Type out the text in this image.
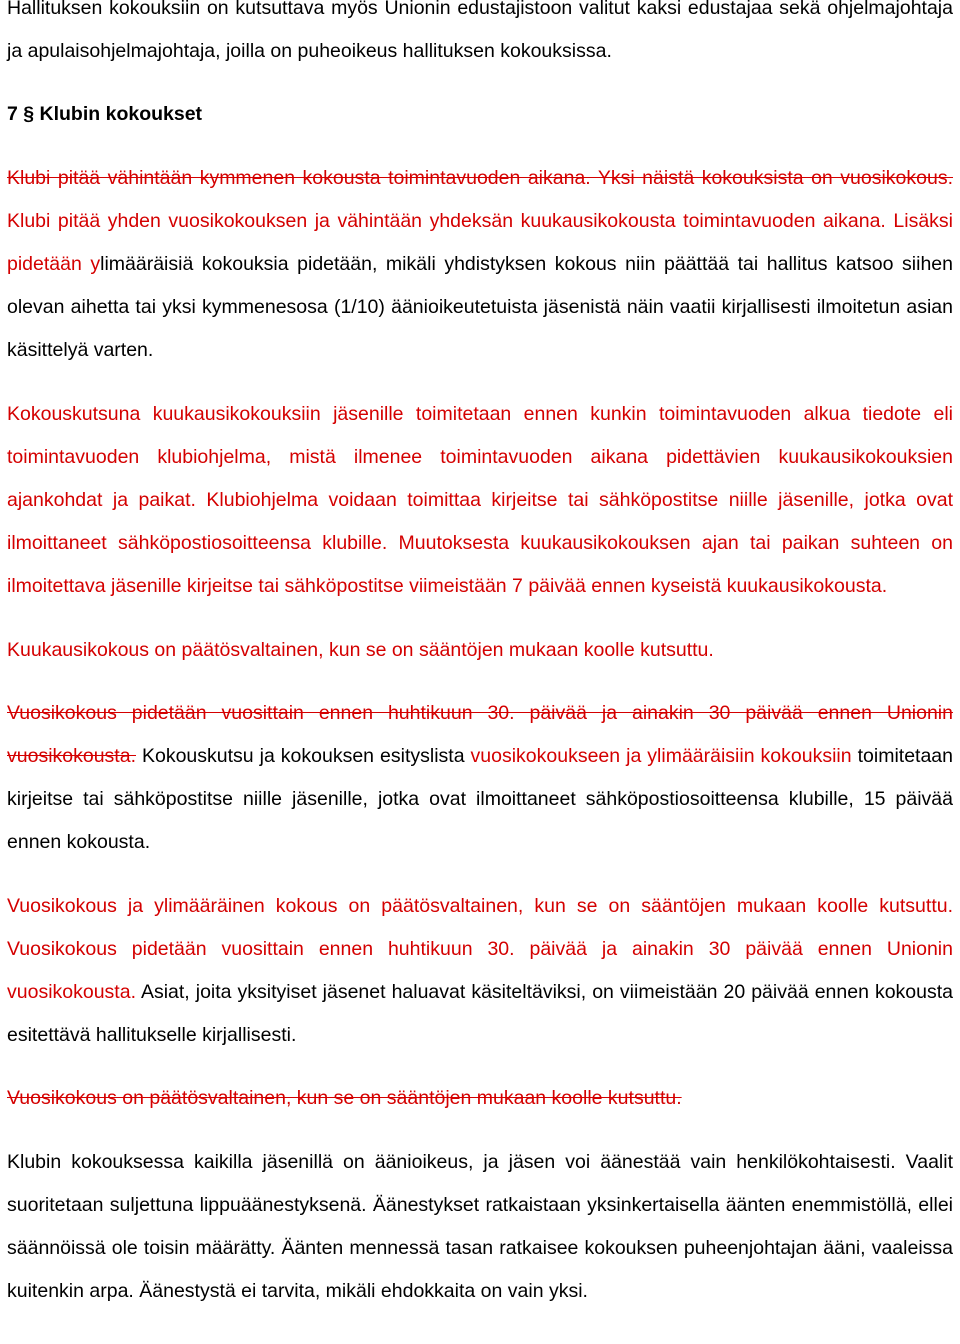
Hallituksen kokouksiin on kutsuttava myös Unionin edustajistoon valitut kaksi edustajaa sekä ohjelmajohtaja ja apulaisohjelmajohtaja, joilla on puheoikeus hallituksen kokouksissa.

7 § Klubin kokoukset

Klubi pitää vähintään kymmenen kokousta toimintavuoden aikana. Yksi näistä kokouksista on vuosikokous. Klubi pitää yhden vuosikokouksen ja vähintään yhdeksän kuukausikokousta toimintavuoden aikana. Lisäksi pidetään ylimääräisiä kokouksia pidetään, mikäli yhdistyksen kokous niin päättää tai hallitus katsoo siihen olevan aihetta tai yksi kymmenesosa (1/10) äänioikeutetuista jäsenistä näin vaatii kirjallisesti ilmoitetun asian käsittelyä varten.

Kokouskutsuna kuukausikokouksiin jäsenille toimitetaan ennen kunkin toimintavuoden alkua tiedote eli toimintavuoden klubiohjelma, mistä ilmenee toimintavuoden aikana pidettävien kuukausikokouksien ajankohdat ja paikat. Klubiohjelma voidaan toimittaa kirjeitse tai sähköpostitse niille jäsenille, jotka ovat ilmoittaneet sähköpostiosoitteensa klubille. Muutoksesta kuukausikokouksen ajan tai paikan suhteen on ilmoitettava jäsenille kirjeitse tai sähköpostitse viimeistään 7 päivää ennen kyseistä kuukausikokousta.

Kuukausikokous on päätösvaltainen, kun se on sääntöjen mukaan koolle kutsuttu.

Vuosikokous pidetään vuosittain ennen huhtikuun 30. päivää ja ainakin 30 päivää ennen Unionin vuosikokousta. Kokouskutsu ja kokouksen esityslista vuosikokoukseen ja ylimääräisiin kokouksiin toimitetaan kirjeitse tai sähköpostitse niille jäsenille, jotka ovat ilmoittaneet sähköpostiosoitteensa klubille, 15 päivää ennen kokousta.

Vuosikokous ja ylimääräinen kokous on päätösvaltainen, kun se on sääntöjen mukaan koolle kutsuttu. Vuosikokous pidetään vuosittain ennen huhtikuun 30. päivää ja ainakin 30 päivää ennen Unionin vuosikokousta. Asiat, joita yksityiset jäsenet haluavat käsiteltäviksi, on viimeistään 20 päivää ennen kokousta esitettävä hallitukselle kirjallisesti.

Vuosikokous on päätösvaltainen, kun se on sääntöjen mukaan koolle kutsuttu.

Klubin kokouksessa kaikilla jäsenillä on äänioikeus, ja jäsen voi äänestää vain henkilökohtaisesti. Vaalit suoritetaan suljettuna lippuäänestyksenä. Äänestykset ratkaistaan yksinkertaisella äänten enemmistöllä, ellei säännöissä ole toisin määrätty. Äänten mennessä tasan ratkaisee kokouksen puheenjohtajan ääni, vaaleissa kuitenkin arpa. Äänestystä ei tarvita, mikäli ehdokkaita on vain yksi.
